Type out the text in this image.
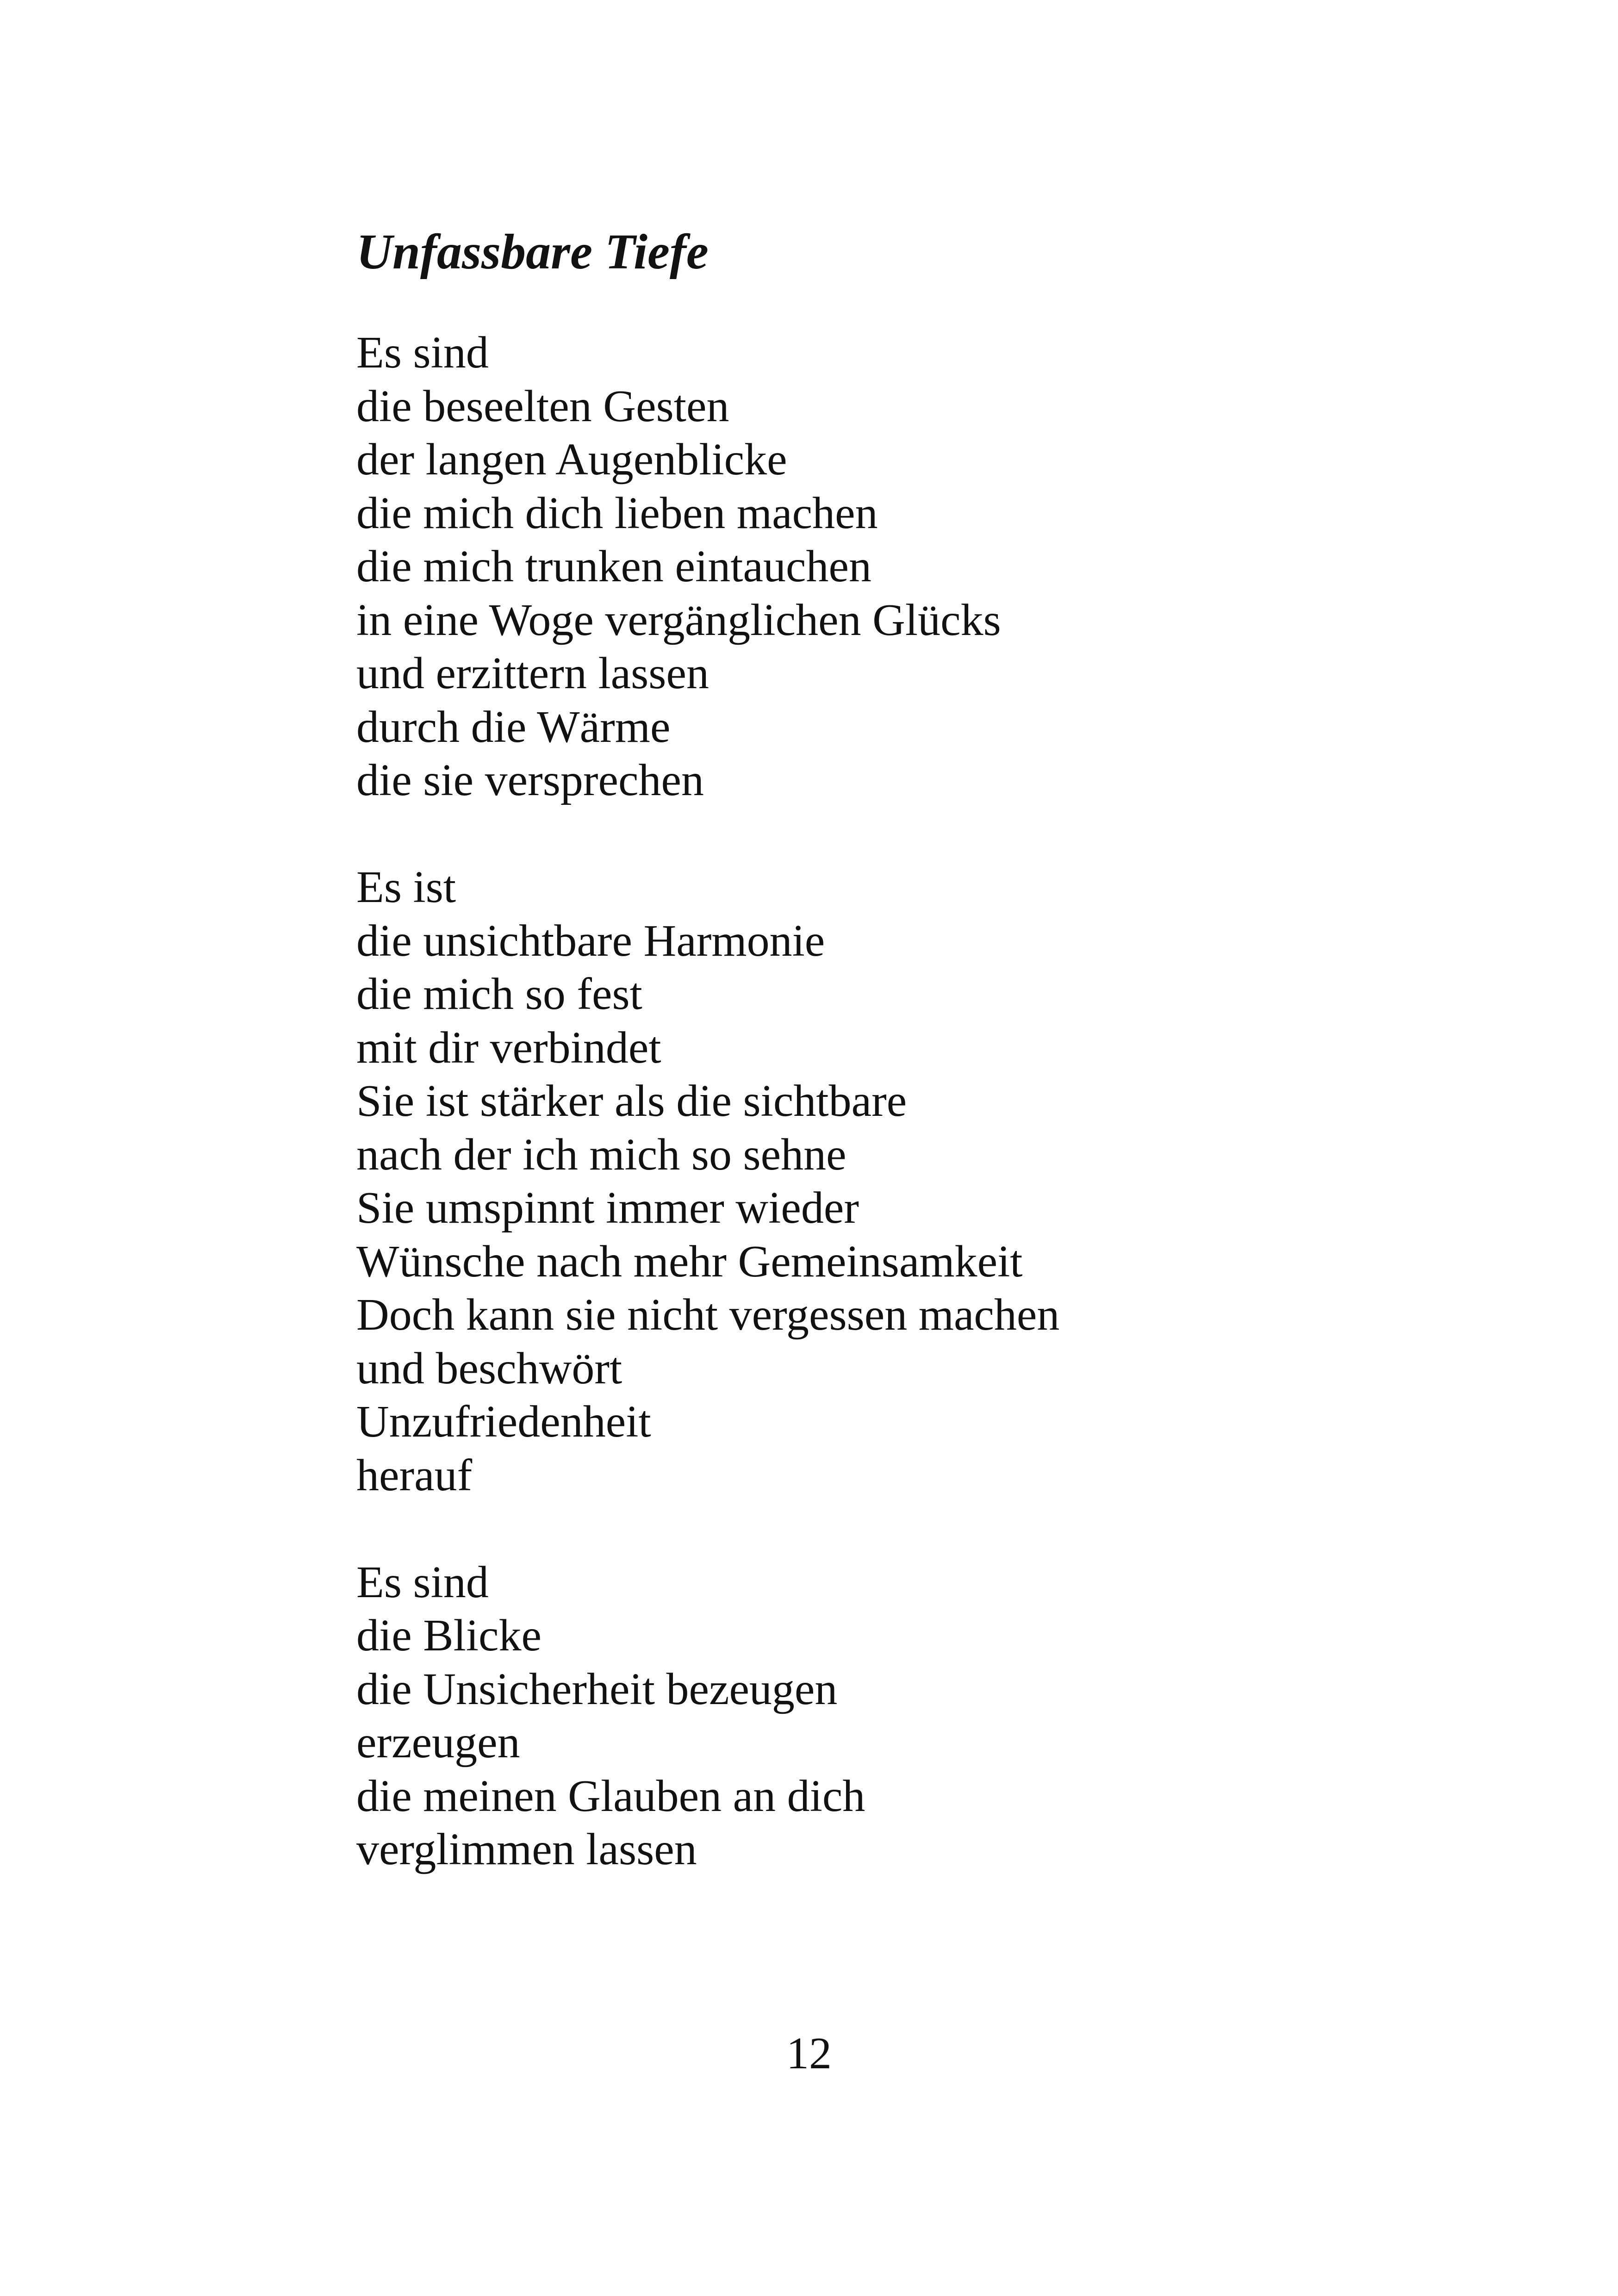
Unfassbare Tiefe
Es sind
die beseelten Gesten
der langen Augenblicke
die mich dich lieben machen
die mich trunken eintauchen
in eine Woge vergänglichen Glücks
und erzittern lassen
durch die Wärme
die sie versprechen
Es ist
die unsichtbare Harmonie
die mich so fest
mit dir verbindet
Sie ist stärker als die sichtbare
nach der ich mich so sehne
Sie umspinnt immer wieder
Wünsche nach mehr Gemeinsamkeit
Doch kann sie nicht vergessen machen
und beschwört
Unzufriedenheit
herauf
Es sind
die Blicke
die Unsicherheit bezeugen
erzeugen
die meinen Glauben an dich
verglimmen lassen
12
